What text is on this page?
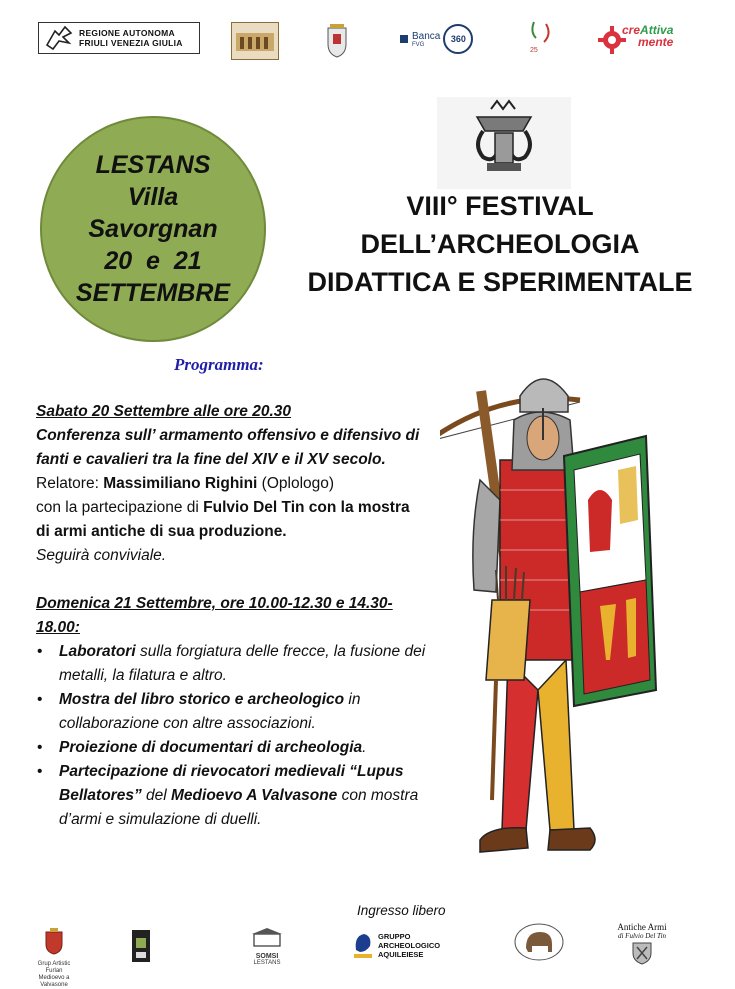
REGIONE AUTONOMA
FRIULI VENEZIA GIULIA
Banca
FVG
360
25
creAttiva
mente
LESTANS
Villa
Savorgnan
20  e  21
SETTEMBRE
VIII° FESTIVAL
DELL’ARCHEOLOGIA
DIDATTICA E SPERIMENTALE
Programma:

Sabato 20 Settembre alle ore 20.30

Conferenza sull’ armamento offensivo e difensivo di fanti e cavalieri tra la fine del XIV e il XV secolo.

Relatore: Massimiliano Righini (Oplologo)

con la partecipazione di Fulvio Del Tin con la mostra di armi antiche di sua produzione.

Seguirà conviviale.

Domenica 21 Settembre, ore 10.00-12.30 e 14.30-18.00:

• Laboratori sulla forgiatura delle frecce, la fusione dei metalli, la filatura e altro.
• Mostra del libro storico e archeologico in collaborazione con altre associazioni.
• Proiezione di documentari di archeologia.
• Partecipazione di rievocatori medievali “Lupus Bellatores” del Medioevo A Valvasone con mostra d’armi e simulazione di duelli.
Ingresso libero
Grup Artistic Furlan
Medioevo a Valvasone
SOMSI
LESTANS
GRUPPO
ARCHEOLOGICO
AQUILEIESE
Antiche Armi
di Fulvio Del Tin
